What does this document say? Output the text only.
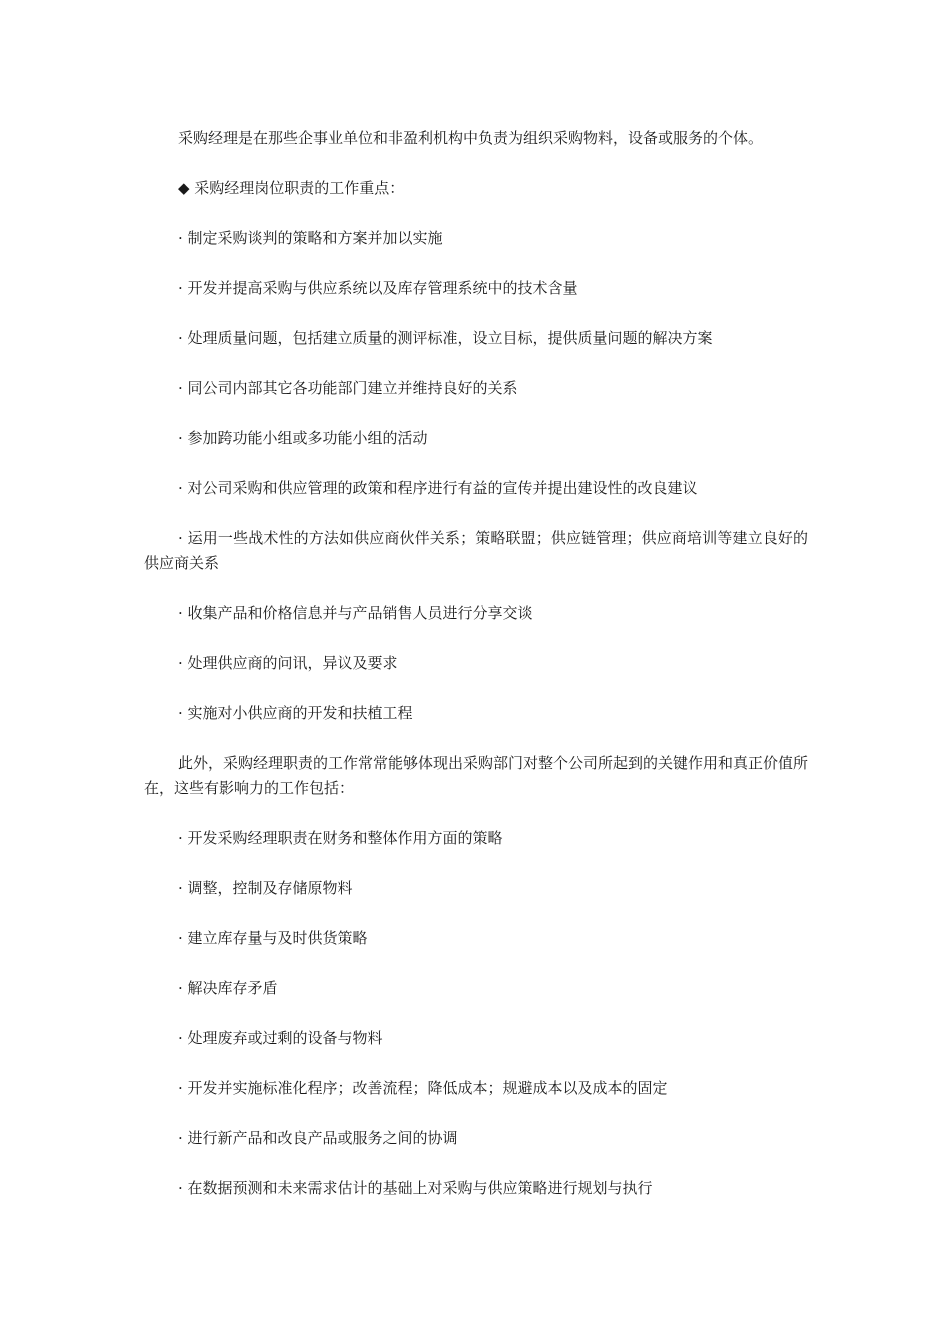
采购经理是在那些企事业单位和非盈利机构中负责为组织采购物料，设备或服务的个体。

◆ 采购经理岗位职责的工作重点：

· 制定采购谈判的策略和方案并加以实施

· 开发并提高采购与供应系统以及库存管理系统中的技术含量

· 处理质量问题，包括建立质量的测评标准，设立目标，提供质量问题的解决方案

· 同公司内部其它各功能部门建立并维持良好的关系

· 参加跨功能小组或多功能小组的活动

· 对公司采购和供应管理的政策和程序进行有益的宣传并提出建设性的改良建议

· 运用一些战术性的方法如供应商伙伴关系；策略联盟；供应链管理；供应商培训等建立良好的供应商关系

· 收集产品和价格信息并与产品销售人员进行分享交谈

· 处理供应商的问讯，异议及要求

· 实施对小供应商的开发和扶植工程

此外，采购经理职责的工作常常能够体现出采购部门对整个公司所起到的关键作用和真正价值所在，这些有影响力的工作包括：

· 开发采购经理职责在财务和整体作用方面的策略

· 调整，控制及存储原物料

· 建立库存量与及时供货策略

· 解决库存矛盾

· 处理废弃或过剩的设备与物料

· 开发并实施标准化程序；改善流程；降低成本；规避成本以及成本的固定

· 进行新产品和改良产品或服务之间的协调

· 在数据预测和未来需求估计的基础上对采购与供应策略进行规划与执行
